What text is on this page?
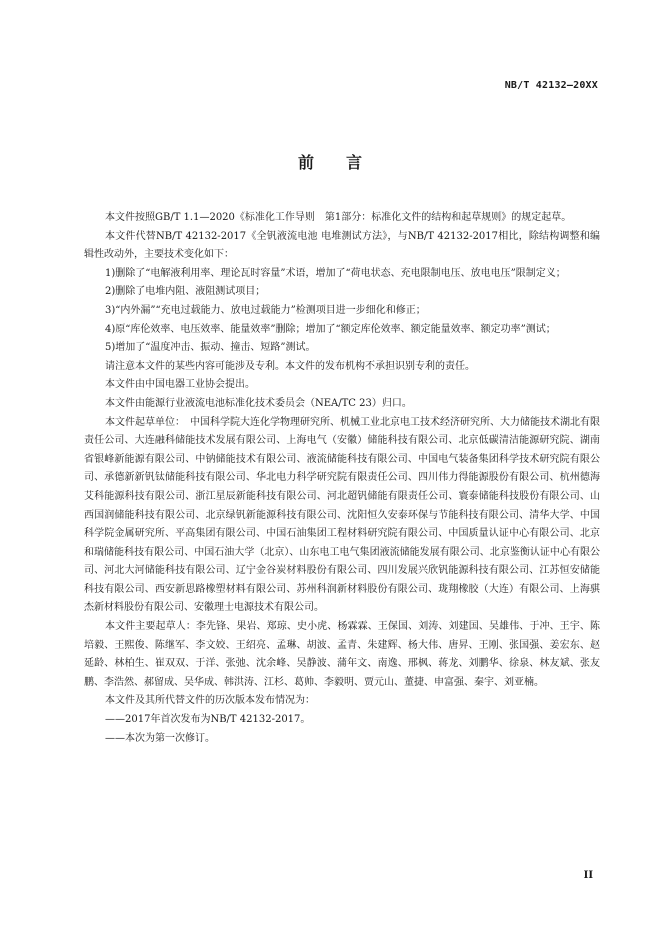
NB/T 42132—20XX
前 言

本文件按照GB/T 1.1—2020《标准化工作导则　第1部分：标准化文件的结构和起草规则》的规定起草。

本文件代替NB/T 42132-2017《全钒液流电池 电堆测试方法》，与NB/T 42132-2017相比，除结构调整和编辑性改动外，主要技术变化如下：

1)删除了“电解液利用率、理论瓦时容量”术语，增加了“荷电状态、充电限制电压、放电电压”限制定义；

2)删除了电堆内阻、液阻测试项目；

3)“内外漏”“充电过载能力、放电过载能力”检测项目进一步细化和修正；

4)原“库伦效率、电压效率、能量效率”删除；增加了“额定库伦效率、额定能量效率、额定功率”测试；

5)增加了“温度冲击、振动、撞击、短路”测试。

请注意本文件的某些内容可能涉及专利。本文件的发布机构不承担识别专利的责任。

本文件由中国电器工业协会提出。

本文件由能源行业液流电池标准化技术委员会（NEA/TC 23）归口。

本文件起草单位：　中国科学院大连化学物理研究所、机械工业北京电工技术经济研究所、大力储能技术湖北有限责任公司、大连融科储能技术发展有限公司、上海电气（安徽）储能科技有限公司、北京低碳清洁能源研究院、湖南省银峰新能源有限公司、中钠储能技术有限公司、液流储能科技有限公司、中国电气装备集团科学技术研究院有限公司、承德新新钒钛储能科技有限公司、华北电力科学研究院有限责任公司、四川伟力得能源股份有限公司、杭州德海艾科能源科技有限公司、浙江星辰新能科技有限公司、河北超钒储能有限责任公司、寰泰储能科技股份有限公司、山西国润储能科技有限公司、北京绿钒新能源科技有限公司、沈阳恒久安泰环保与节能科技有限公司、清华大学、中国科学院金属研究所、平高集团有限公司、中国石油集团工程材料研究院有限公司、中国质量认证中心有限公司、北京和瑞储能科技有限公司、中国石油大学（北京）、山东电工电气集团液流储能发展有限公司、北京鉴衡认证中心有限公司、河北大河储能科技有限公司、辽宁金谷炭材料股份有限公司、四川发展兴欣钒能源科技有限公司、江苏恒安储能科技有限公司、西安新思路橡塑材料有限公司、苏州科润新材料股份有限公司、珑翔橡胶（大连）有限公司、上海骐杰新材料股份有限公司、安徽理士电源技术有限公司。

本文件主要起草人：李先锋、果岩、郑琼、史小虎、杨霖霖、王保国、刘涛、刘建国、吴雄伟、于冲、王宇、陈培毅、王熙俊、陈继军、李文姣、王绍亮、孟琳、胡波、孟青、朱建辉、杨大伟、唐昇、王刚、张国强、姜宏东、赵延龄、林柏生、崔双双、于洋、张弛、沈余峰、吴静波、蒲年文、南逸、邢枫、蒋龙、刘鹏华、徐泉、林友斌、张友鹏、李浩然、郝留成、吴华成、韩洪涛、江杉、葛帅、李毅明、贾元山、董捷、申富强、秦宇、刘亚楠。

本文件及其所代替文件的历次版本发布情况为：

——2017年首次发布为NB/T 42132-2017。

——本次为第一次修订。

II
